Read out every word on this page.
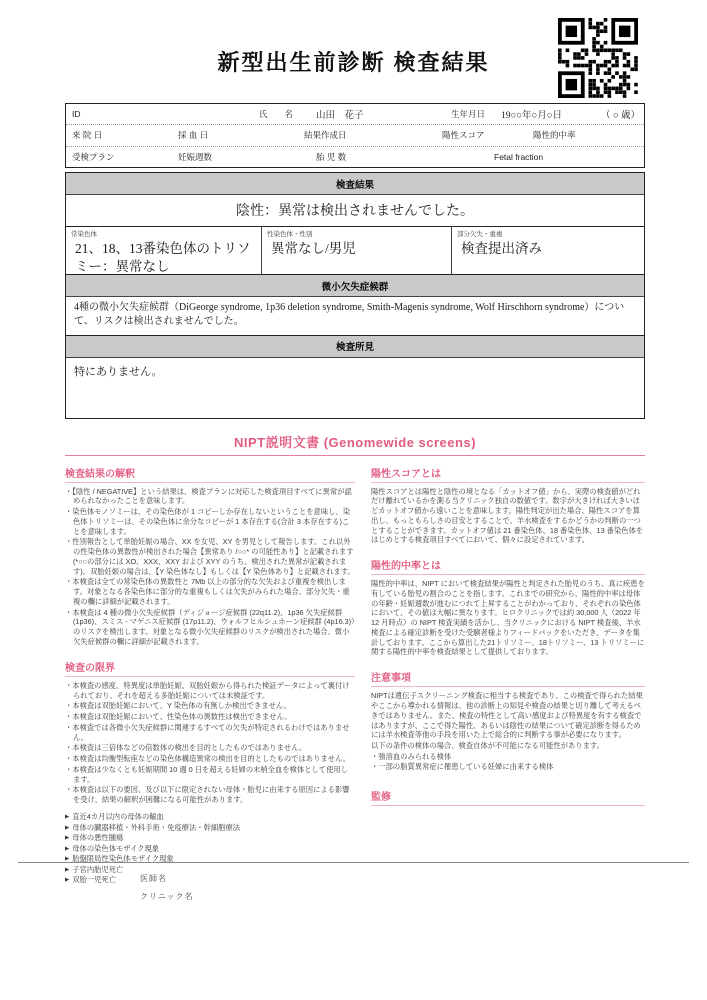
新型出生前診断 検査結果
ID	氏　　名 山田　花子	生年月日 19○○年○月○日	（ ○ 歳）
来 院 日	採 血 日	結果作成日	陽性スコア	陽性的中率
受検プラン	妊娠週数	胎 児 数	Fetal fraction
検査結果
陰性：異常は検出されませんでした。
常染色体
21、18、13番染色体のトリソミー：異常なし
性染色体・性別
異常なし/男児
部分欠失・重複
検査提出済み
微小欠失症候群
4種の微小欠失症候群（DiGeorge syndrome, 1p36 deletion syndrome, Smith-Magenis syndrome, Wolf Hirschhorn syndrome）について、リスクは検出されませんでした。
検査所見
特にありません。
NIPT説明文書 (Genomewide screens)
検査結果の解釈
・ 【陰性 / NEGATIVE】という結果は、検査プランに対応した検査項目すべてに異常が認められなかったことを意味します。
・ 染色体モノソミーは、その染色体が 1 コピーしか存在しないということを意味し、染色体トリソミーは、その染色体に余分なコピーが 1 本存在する(合計 3 本存在する)ことを意味します。
・ 性別報告として単胎妊娠の場合、XX を女児、XY を男児として報告します。これ以外の性染色体の異数性が検出された場合【異常あり /○○* の可能性あり】と記載されます (*○○の部分には XO、XXX、XXY および XYY のうち、検出された異常が記載されます)。双胎妊娠の場合は、【Y 染色体なし】もしくは【Y 染色体あり】と記載されます。
・ 本検査は全ての常染色体の異数性と 7Mb 以上の部分的な欠失および重複を検出します。対象となる各染色体に部分的な重複もしくは欠失がみられた場合、部分欠失・重複の欄に詳細が記載されます。
・ 本検査は 4 種の微小欠失症候群（ディジョージ症候群 (22q11.2)、1p36 欠失症候群 (1p36)、スミス - マゲニス症候群 (17p11.2)、ウォルフヒルシュホーン症候群 (4p16.3)）のリスクを検出します。対象となる微小欠失症候群のリスクが検出された場合、微小欠失症候群の欄に詳細が記載されます。
検査の限界
・ 本検査の感度、特異度は単胎妊娠、双胎妊娠から得られた検証データによって裏付けられており、それを超える多胎妊娠については未検証です。
・ 本検査は双胎妊娠において、Y 染色体の有無しか検出できません。
・ 本検査は双胎妊娠において、性染色体の異数性は検出できません。
・ 本検査では各微小欠失症候群に関連するすべての欠失が特定されるわけではありません。
・ 本検査は三倍体などの倍数体の検出を目的としたものではありません。
・ 本検査は均衡型転座などの染色体構造異常の検出を目的としたものではありません。
・ 本検査は少なくとも妊娠期間 10 週 0 日を超える妊婦の末梢全血を検体として使用します。
・ 本検査は以下の要因、及び以下に限定されない母体・胎児に由来する原因による影響を受け、結果の解釈が困難になる可能性があります。
▶ 直近4カ月以内の母体の輸血
▶ 母体の臓器移植・外科手術・免疫療法・幹細胞療法
▶ 母体の悪性腫瘍
▶ 母体の染色体モザイク現象
▶ 胎盤限局性染色体モザイク現象
▶ 子宮内胎児死亡
▶ 双胎一児死亡
陽性スコアとは
陽性スコアとは陽性と陰性の境となる「カットオフ値」から、実際の検査値がどれだけ離れているかを測る当クリニック独自の数値です。数字が大きければ大きいほどカットオフ値から遠いことを意味します。陽性判定が出た場合、陽性スコアを算出し、もっともらしさの目安とすることで、羊水検査をするかどうかの判断の一つとすることができます。カットオフ値は 21 番染色体、18 番染色体、13 番染色体をはじめとする検査項目すべてにおいて、個々に設定されています。
陽性的中率とは
陽性的中率は、NIPT において検査結果が陽性と判定された胎児のうち、真に疾患を有している胎児の割合のことを指します。これまでの研究から、陽性的中率は母体の年齢・妊娠週数が進むにつれて上昇することがわかっており、それぞれの染色体において、その値は大幅に異なります。ヒロクリニックでは約 30,000 人（2022 年 12 月時点）の NIPT 検査実績を活かし、当クリニックにおける NIPT 検査後、羊水検査による確定診断を受けた受験者様よりフィードバックをいただき、データを集計しております。ここから算出した21トリソミー、18トリソミー、13 トリソミーに関する陽性的中率を検査結果として提供しております。
注意事項
NIPTは遺伝子スクリーニング検査に相当する検査であり、この検査で得られた結果やここから導かれる情報は、他の診断上の知見や検査の結果と切り離して考えるべきではありません。また、検査の特性として高い感度および特異度を有する検査ではありますが、ここで得た陽性、あるいは陰性の結果について確定診断を得るためには羊水検査等他の手段を用いた上で総合的に判断する事が必要になります。
以下の条件の検体の場合、検査自体が不可能になる可能性があります。
・ 強溶血のみられる検体
・ 一部の脂質異常症に罹患している妊婦に由来する検体
監修
医師名
クリニック名
